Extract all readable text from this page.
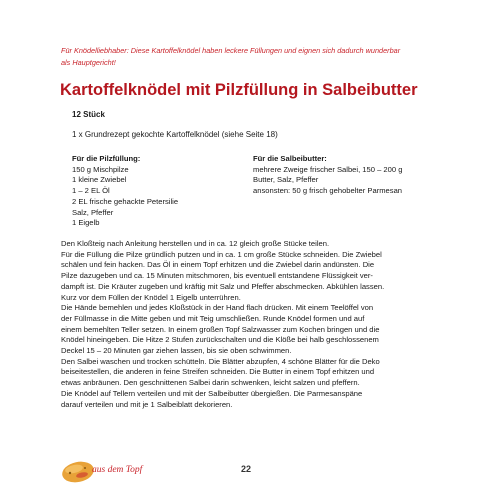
Für Knödelliebhaber: Diese Kartoffelknödel haben leckere Füllungen und eignen sich dadurch wunderbar
als Hauptgericht!
Kartoffelknödel mit Pilzfüllung in Salbeibutter
12 Stück
1 x Grundrezept gekochte Kartoffelknödel (siehe Seite 18)
Für die Pilzfüllung:
150 g Mischpilze
1 kleine Zwiebel
1 – 2 EL Öl
2 EL frische gehackte Petersilie
Salz, Pfeffer
1 Eigelb
Für die Salbeibutter:
mehrere Zweige frischer Salbei, 150 – 200 g
Butter, Salz, Pfeffer
ansonsten: 50 g frisch gehobelter Parmesan
Den Kloßteig nach Anleitung herstellen und in ca. 12 gleich große Stücke teilen.
Für die Füllung die Pilze gründlich putzen und in ca. 1 cm große Stücke schneiden. Die Zwiebel
schälen und fein hacken. Das Öl in einem Topf erhitzen und die Zwiebel darin andünsten. Die
Pilze dazugeben und ca. 15 Minuten mitschmoren, bis eventuell entstandene Flüssigkeit ver-
dampft ist. Die Kräuter zugeben und kräftig mit Salz und Pfeffer abschmecken. Abkühlen lassen.
Kurz vor dem Füllen der Knödel 1 Eigelb unterrühren.
Die Hände bemehlen und jedes Kloßstück in der Hand flach drücken. Mit einem Teelöffel von
der Füllmasse in die Mitte geben und mit Teig umschließen. Runde Knödel formen und auf
einem bemehlten Teller setzen. In einem großen Topf Salzwasser zum Kochen bringen und die
Knödel hineingeben. Die Hitze 2 Stufen zurückschalten und die Klöße bei halb geschlossenem
Deckel 15 – 20 Minuten gar ziehen lassen, bis sie oben schwimmen.
Den Salbei waschen und trocken schütteln. Die Blätter abzupfen, 4 schöne Blätter für die Deko
beiseitestellen, die anderen in feine Streifen schneiden. Die Butter in einem Topf erhitzen und
etwas anbräunen. Den geschnittenen Salbei darin schwenken, leicht salzen und pfeffern.
Die Knödel auf Tellern verteilen und mit der Salbeibutter übergießen. Die Parmesanspäne
darauf verteilen und mit je 1 Salbeiblatt dekorieren.
aus dem Topf	22
